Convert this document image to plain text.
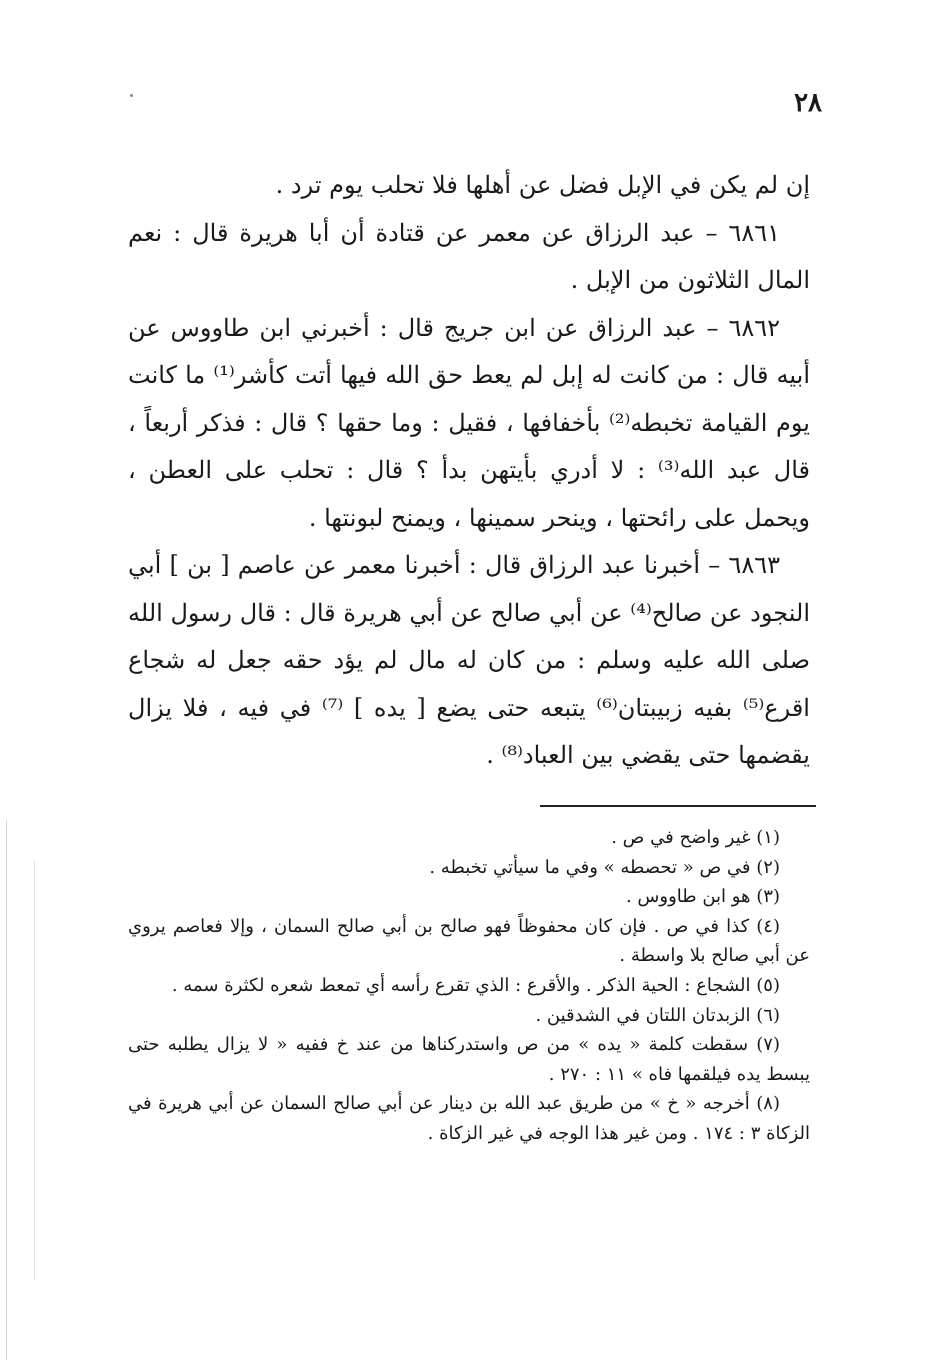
٢٨

إن لم يكن في الإبل فضل عن أهلها فلا تحلب يوم ترد .

٦٨٦١ – عبد الرزاق عن معمر عن قتادة أن أبا هريرة قال : نعم المال الثلاثون من الإبل .

٦٨٦٢ – عبد الرزاق عن ابن جريج قال : أخبرني ابن طاووس عن أبيه قال : من كانت له إبل لم يعط حق الله فيها أتت كأشر⁽¹⁾ ما كانت يوم القيامة تخبطه⁽²⁾ بأخفافها ، فقيل : وما حقها ؟ قال : فذكر أربعاً ، قال عبد الله⁽³⁾ : لا أدري بأيتهن بدأ ؟ قال : تحلب على العطن ، ويحمل على رائحتها ، وينحر سمينها ، ويمنح لبونتها .

٦٨٦٣ – أخبرنا عبد الرزاق قال : أخبرنا معمر عن عاصم [ بن ] أبي النجود عن صالح⁽⁴⁾ عن أبي صالح عن أبي هريرة قال : قال رسول الله صلى الله عليه وسلم : من كان له مال لم يؤد حقه جعل له شجاع اقرع⁽⁵⁾ بفيه زبيبتان⁽⁶⁾ يتبعه حتى يضع [ يده ] ⁽⁷⁾ في فيه ، فلا يزال يقضمها حتى يقضي بين العباد⁽⁸⁾ .

(١) غير واضح في ص .

(٢) في ص « تحصطه » وفي ما سيأتي تخبطه .

(٣) هو ابن طاووس .

(٤) كذا في ص . فإن كان محفوظاً فهو صالح بن أبي صالح السمان ، وإلا فعاصم يروي عن أبي صالح بلا واسطة .

(٥) الشجاع : الحية الذكر . والأقرع : الذي تقرع رأسه أي تمعط شعره لكثرة سمه .

(٦) الزبدتان اللتان في الشدقين .

(٧) سقطت كلمة « يده » من ص واستدركناها من عند خ ففيه « لا يزال يطلبه حتى يبسط يده فيلقمها فاه » ١١ : ٢٧٠ .

(٨) أخرجه « خ » من طريق عبد الله بن دينار عن أبي صالح السمان عن أبي هريرة في الزكاة ٣ : ١٧٤ . ومن غير هذا الوجه في غير الزكاة .
